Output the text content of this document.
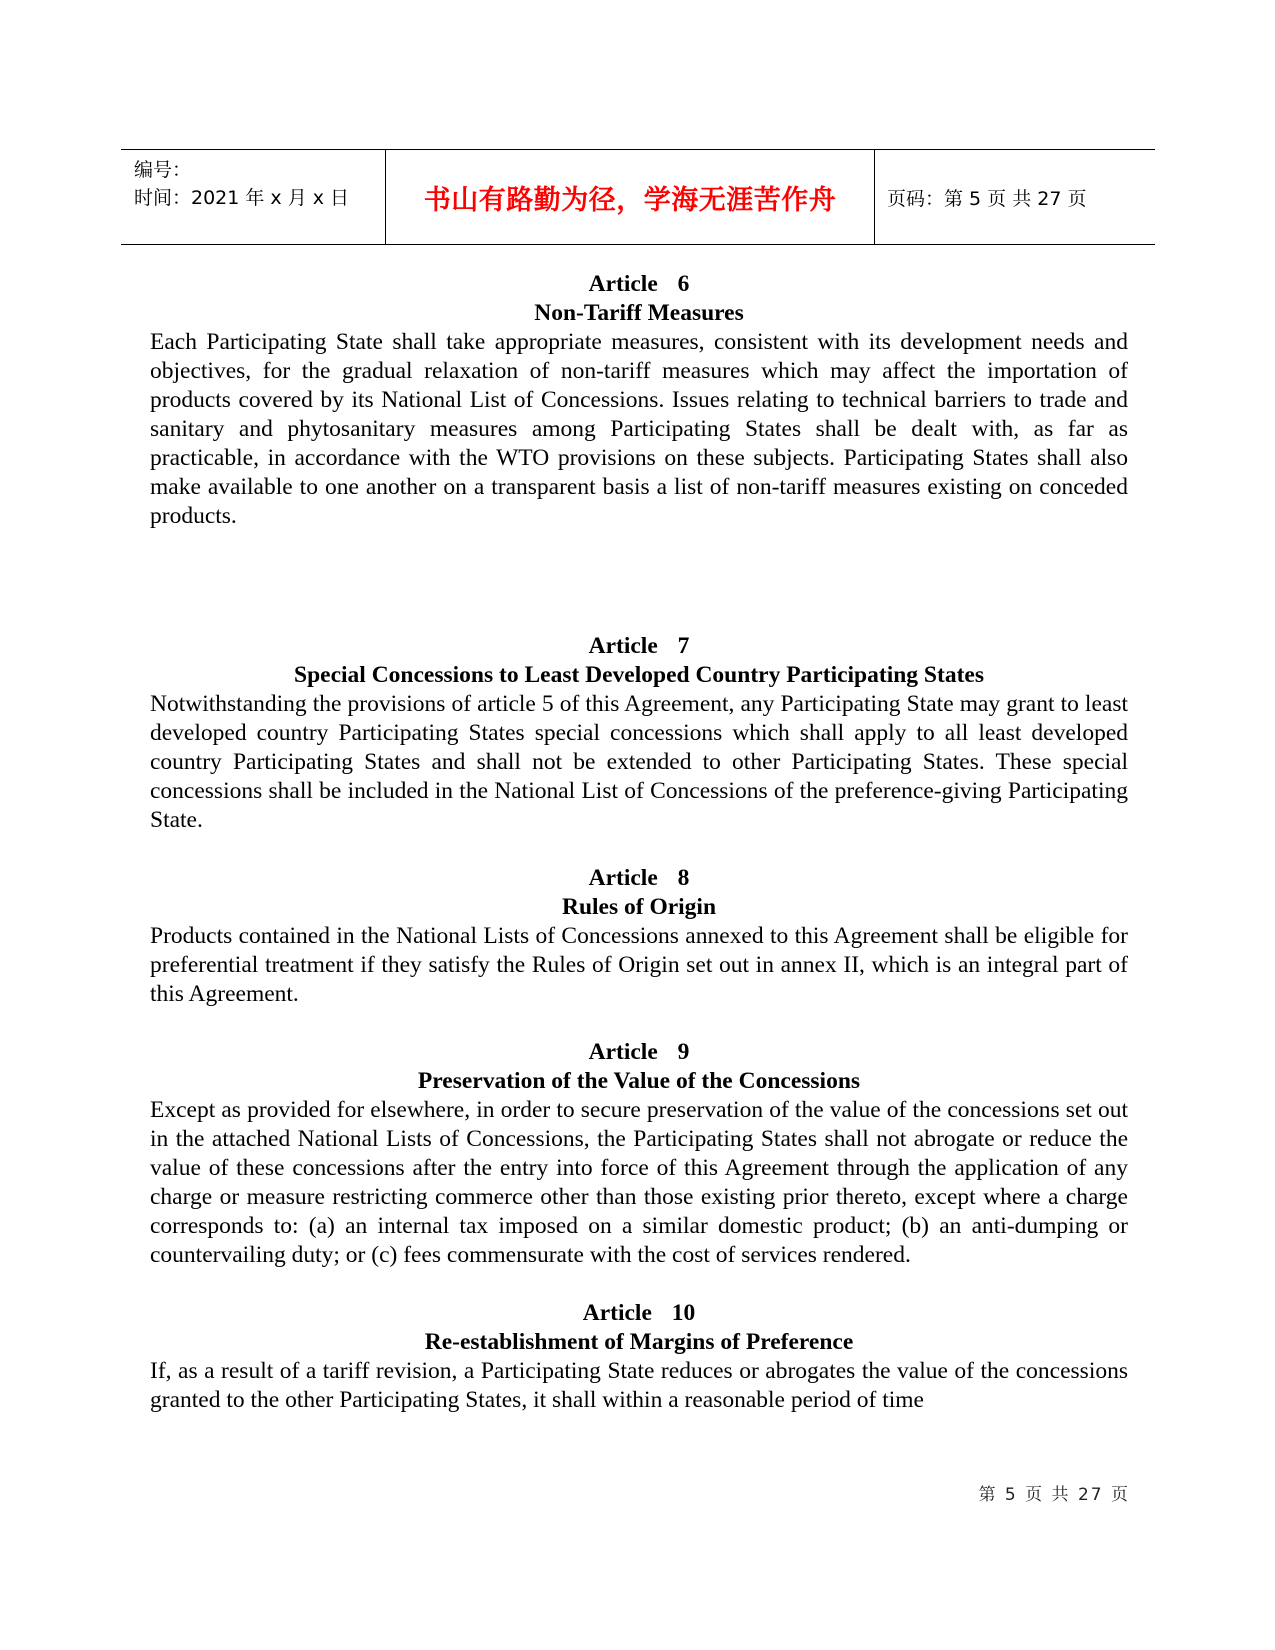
编号：
时间：2021 年 x 月 x 日	书山有路勤为径，学海无涯苦作舟	页码：第 5 页 共 27 页

Article 6

Non-Tariff Measures

Each Participating State shall take appropriate measures, consistent with its development needs and objectives, for the gradual relaxation of non-tariff measures which may affect the importation of products covered by its National List of Concessions. Issues relating to technical barriers to trade and sanitary and phytosanitary measures among Participating States shall be dealt with, as far as practicable, in accordance with the WTO provisions on these subjects. Participating States shall also make available to one another on a transparent basis a list of non-tariff measures existing on conceded products.

Article 7

Special Concessions to Least Developed Country Participating States

Notwithstanding the provisions of article 5 of this Agreement, any Participating State may grant to least developed country Participating States special concessions which shall apply to all least developed country Participating States and shall not be extended to other Participating States. These special concessions shall be included in the National List of Concessions of the preference-giving Participating State.

Article 8

Rules of Origin

Products contained in the National Lists of Concessions annexed to this Agreement shall be eligible for preferential treatment if they satisfy the Rules of Origin set out in annex II, which is an integral part of this Agreement.

Article 9

Preservation of the Value of the Concessions

Except as provided for elsewhere, in order to secure preservation of the value of the concessions set out in the attached National Lists of Concessions, the Participating States shall not abrogate or reduce the value of these concessions after the entry into force of this Agreement through the application of any charge or measure restricting commerce other than those existing prior thereto, except where a charge corresponds to: (a) an internal tax imposed on a similar domestic product; (b) an anti-dumping or countervailing duty; or (c) fees commensurate with the cost of services rendered.

Article 10

Re-establishment of Margins of Preference

If, as a result of a tariff revision, a Participating State reduces or abrogates the value of the concessions granted to the other Participating States, it shall within a reasonable period of time

第 5 页 共 27 页
